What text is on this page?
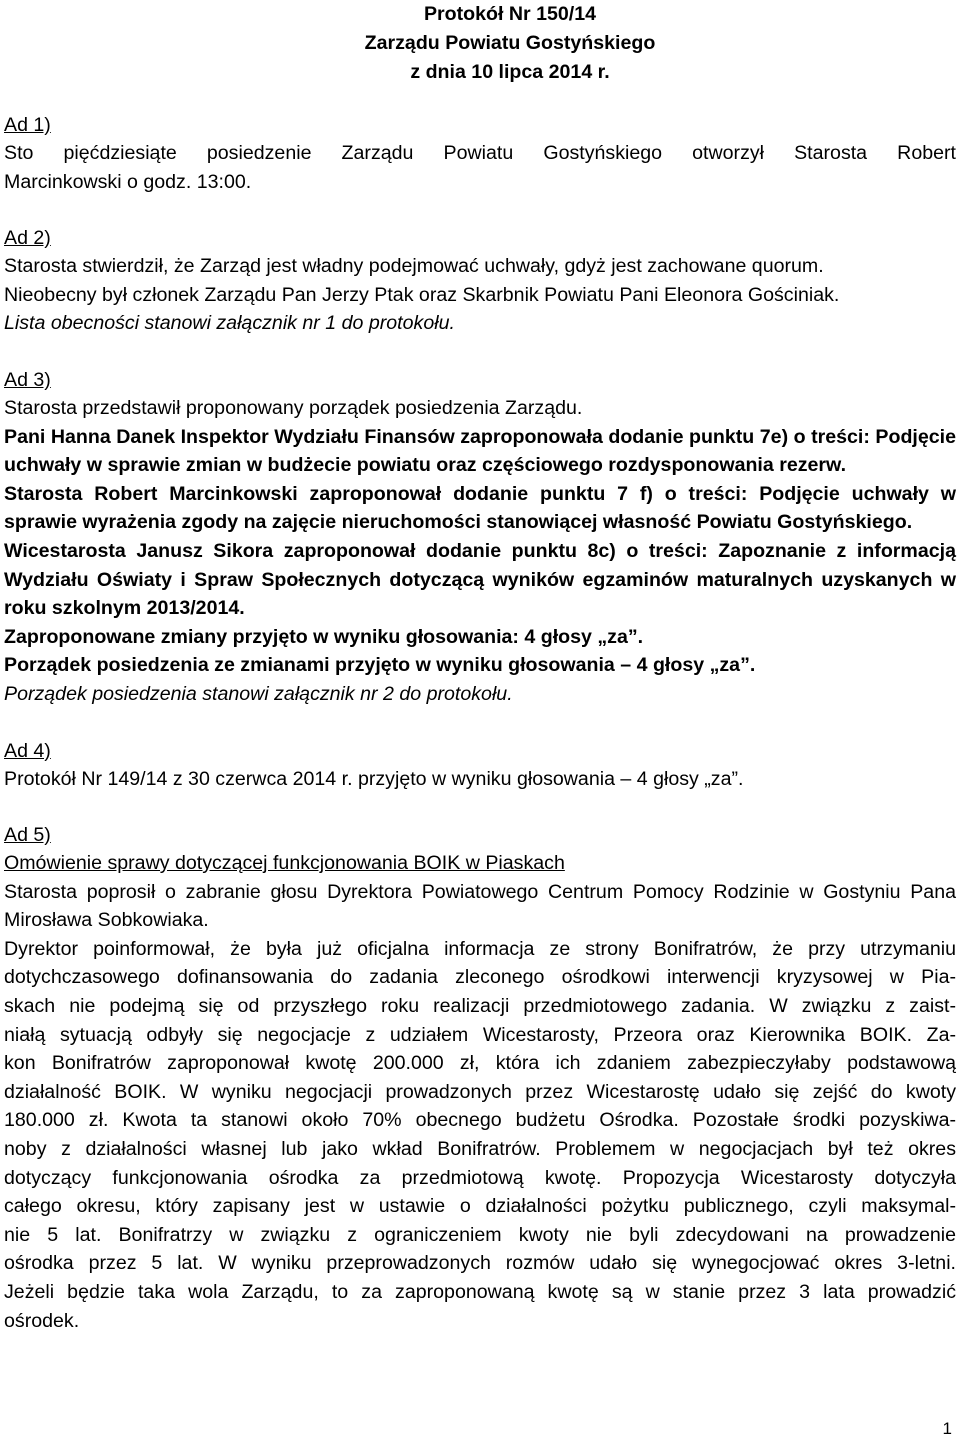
Protokół Nr 150/14
Zarządu Powiatu Gostyńskiego
z dnia 10 lipca 2014 r.
Ad 1)
Sto pięćdziesiąte posiedzenie Zarządu Powiatu Gostyńskiego otworzył Starosta Robert
Marcinkowski o godz. 13:00.
Ad 2)
Starosta stwierdził, że Zarząd jest władny podejmować uchwały, gdyż jest zachowane quorum.
Nieobecny był członek Zarządu Pan Jerzy Ptak oraz Skarbnik Powiatu Pani Eleonora Gościniak.
Lista obecności stanowi załącznik nr 1 do protokołu.
Ad 3)
Starosta przedstawił proponowany porządek posiedzenia Zarządu.
Pani Hanna Danek Inspektor Wydziału Finansów zaproponowała dodanie punktu 7e) o treści: Podjęcie uchwały w sprawie zmian w budżecie powiatu oraz częściowego rozdysponowania rezerw.
Starosta Robert Marcinkowski zaproponował dodanie punktu 7 f) o treści: Podjęcie uchwały w sprawie wyrażenia zgody na zajęcie nieruchomości stanowiącej własność Powiatu Gostyńskiego.
Wicestarosta Janusz Sikora zaproponował dodanie punktu 8c) o treści: Zapoznanie z informacją Wydziału Oświaty i Spraw Społecznych dotyczącą wyników egzaminów maturalnych uzyskanych w roku szkolnym 2013/2014.
Zaproponowane zmiany przyjęto w wyniku głosowania: 4 głosy „za”.
Porządek posiedzenia ze zmianami przyjęto w wyniku głosowania – 4 głosy „za”.
Porządek posiedzenia stanowi załącznik nr 2 do protokołu.
Ad 4)
Protokół Nr 149/14 z 30 czerwca 2014 r. przyjęto w wyniku głosowania – 4 głosy „za”.
Ad 5)
Omówienie sprawy dotyczącej funkcjonowania BOIK w Piaskach
Starosta poprosił o zabranie głosu Dyrektora Powiatowego Centrum Pomocy Rodzinie w Gostyniu Pana Mirosława Sobkowiaka.
Dyrektor poinformował, że była już oficjalna informacja ze strony Bonifratrów, że przy utrzymaniu
dotychczasowego dofinansowania do zadania zleconego ośrodkowi interwencji kryzysowej w Pia-
skach nie podejmą się od przyszłego roku realizacji przedmiotowego zadania. W związku z zaist-
niałą sytuacją odbyły się negocjacje z udziałem Wicestarosty, Przeora oraz Kierownika BOIK. Za-
kon Bonifratrów zaproponował kwotę 200.000 zł, która ich zdaniem zabezpieczyłaby podstawową
działalność BOIK. W wyniku negocjacji prowadzonych przez Wicestarostę udało się zejść do kwoty
180.000 zł. Kwota ta stanowi około 70% obecnego budżetu Ośrodka. Pozostałe środki pozyskiwa-
noby z działalności własnej lub jako wkład Bonifratrów. Problemem w negocjacjach był też okres
dotyczący funkcjonowania ośrodka za przedmiotową kwotę. Propozycja Wicestarosty dotyczyła
całego okresu, który zapisany jest w ustawie o działalności pożytku publicznego, czyli maksymal-
nie 5 lat. Bonifratrzy w związku z ograniczeniem kwoty nie byli zdecydowani na prowadzenie
ośrodka przez 5 lat. W wyniku przeprowadzonych rozmów udało się wynegocjować okres 3-letni.
Jeżeli będzie taka wola Zarządu, to za zaproponowaną kwotę są w stanie przez 3 lata prowadzić
ośrodek.
1
